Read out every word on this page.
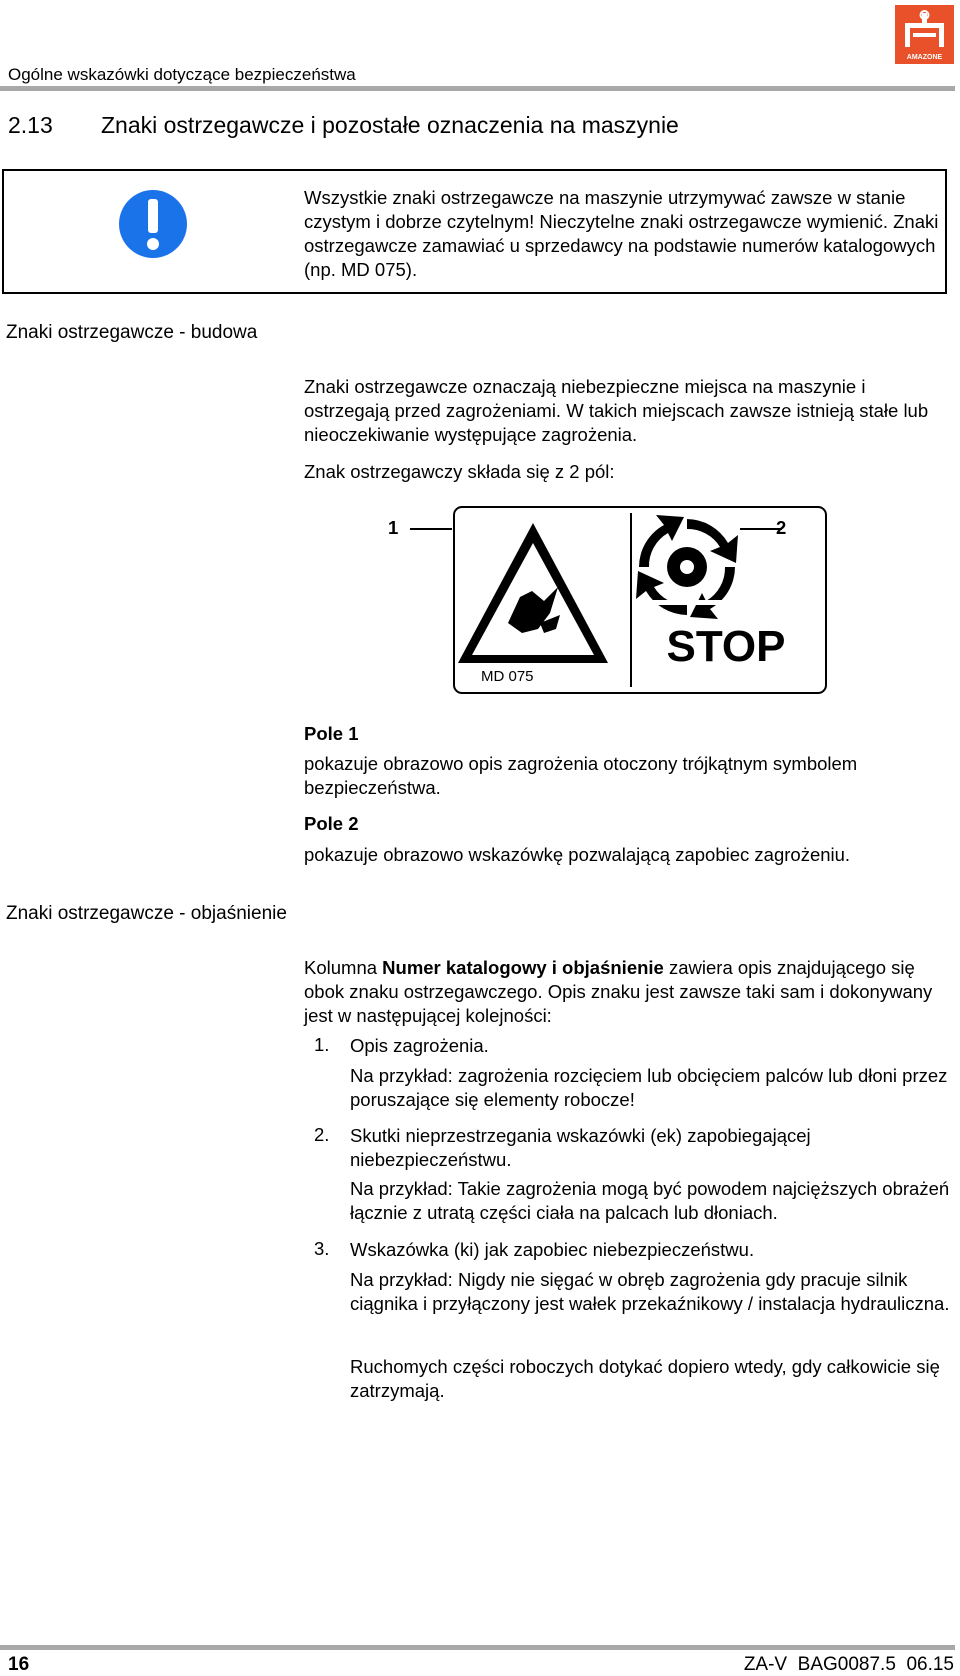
AMAZONE
Ogólne wskazówki dotyczące bezpieczeństwa
2.13 Znaki ostrzegawcze i pozostałe oznaczenia na maszynie
Wszystkie znaki ostrzegawcze na maszynie utrzymywać zawsze w stanie czystym i dobrze czytelnym! Nieczytelne znaki ostrzegawcze wymienić. Znaki ostrzegawcze zamawiać u sprzedawcy na podstawie numerów katalogowych (np. MD 075).
Znaki ostrzegawcze - budowa
Znaki ostrzegawcze oznaczają niebezpieczne miejsca na maszynie i ostrzegają przed zagrożeniami. W takich miejscach zawsze istnieją stałe lub nieoczekiwanie występujące zagrożenia.
Znak ostrzegawczy składa się z 2 pól:
STOP
1	2
MD 075
Pole 1
pokazuje obrazowo opis zagrożenia otoczony trójkątnym symbolem bezpieczeństwa.
Pole 2
pokazuje obrazowo wskazówkę pozwalającą zapobiec zagrożeniu.
Znaki ostrzegawcze - objaśnienie
Kolumna Numer katalogowy i objaśnienie zawiera opis znajdującego się obok znaku ostrzegawczego. Opis znaku jest zawsze taki sam i dokonywany jest w następującej kolejności:
1. Opis zagrożenia.
Na przykład: zagrożenia rozcięciem lub obcięciem palców lub dłoni przez poruszające się elementy robocze!
2. Skutki nieprzestrzegania wskazówki (ek) zapobiegającej niebezpieczeństwu.
Na przykład: Takie zagrożenia mogą być powodem najcięższych obrażeń łącznie z utratą części ciała na palcach lub dłoniach.
3. Wskazówka (ki) jak zapobiec niebezpieczeństwu.
Na przykład: Nigdy nie sięgać w obręb zagrożenia gdy pracuje silnik ciągnika i przyłączony jest wałek przekaźnikowy / instalacja hydrauliczna.
Ruchomych części roboczych dotykać dopiero wtedy, gdy całkowicie się zatrzymają.
16	ZA-V  BAG0087.5  06.15
